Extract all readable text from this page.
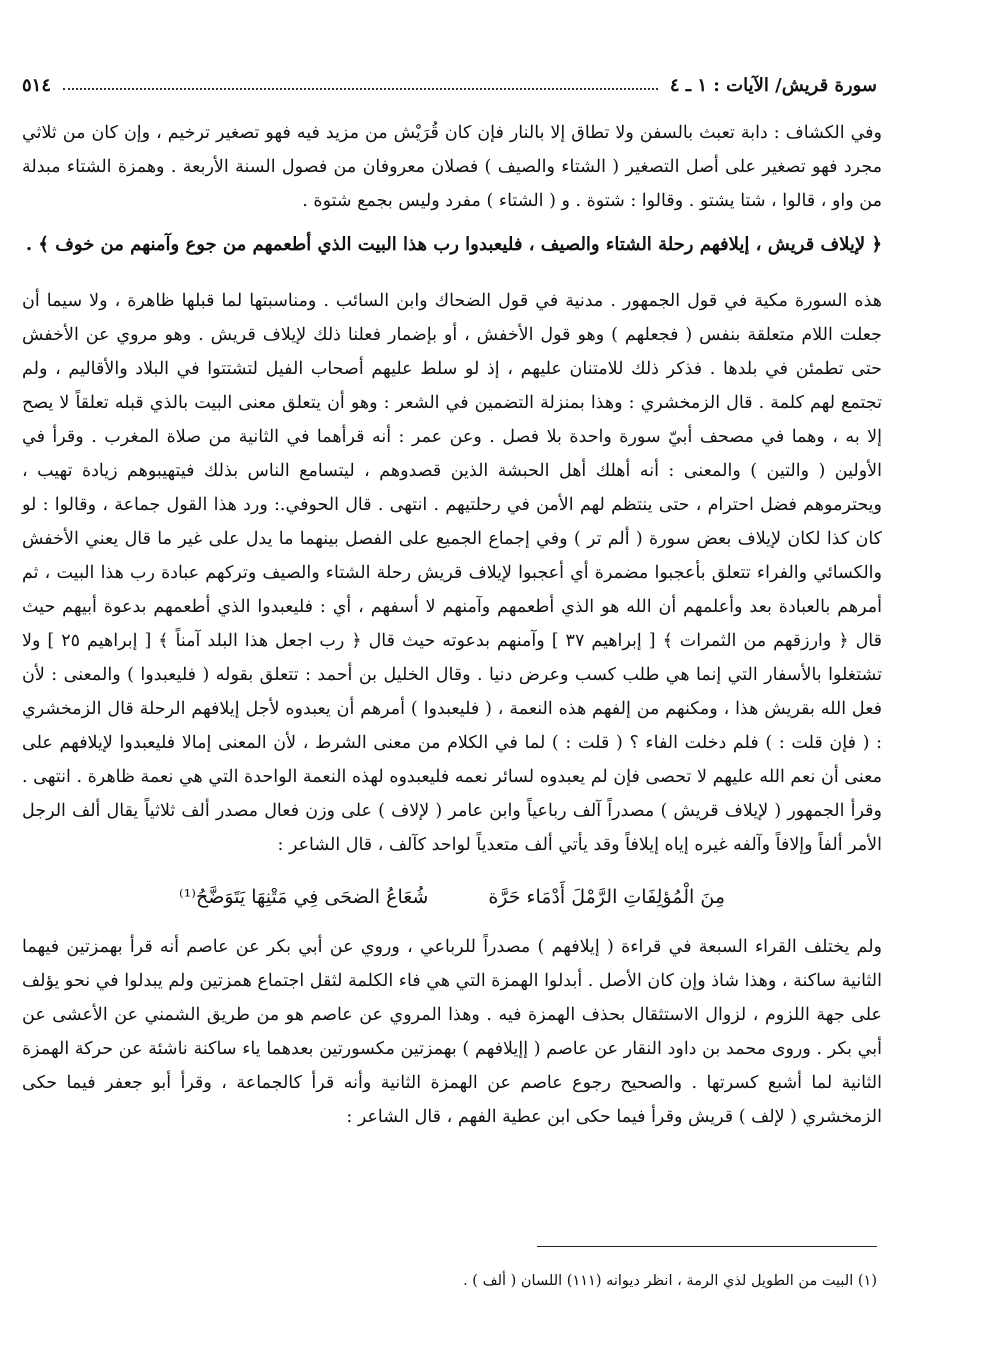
سورة قريش/ الآيات : ١ ـ ٤
٥١٤

وفي الكشاف : دابة تعبث بالسفن ولا تطاق إلا بالنار فإن كان قُرَيْش من مزيد فيه فهو تصغير ترخيم ، وإن كان من ثلاثي مجرد فهو تصغير على أصل التصغير ( الشتاء والصيف ) فصلان معروفان من فصول السنة الأربعة . وهمزة الشتاء مبدلة من واو ، قالوا ، شتا يشتو . وقالوا : شتوة . و ( الشتاء ) مفرد وليس بجمع شتوة .

﴿ لإيلاف قريش ، إيلافهم رحلة الشتاء والصيف ، فليعبدوا رب هذا البيت الذي أطعمهم من جوع وآمنهم من خوف ﴾ .

هذه السورة مكية في قول الجمهور . مدنية في قول الضحاك وابن السائب . ومناسبتها لما قبلها ظاهرة ، ولا سيما أن جعلت اللام متعلقة بنفس ( فجعلهم ) وهو قول الأخفش ، أو بإضمار فعلنا ذلك لإيلاف قريش . وهو مروي عن الأخفش حتى تطمئن في بلدها . فذكر ذلك للامتنان عليهم ، إذ لو سلط عليهم أصحاب الفيل لتشتتوا في البلاد والأقاليم ، ولم تجتمع لهم كلمة . قال الزمخشري : وهذا بمنزلة التضمين في الشعر : وهو أن يتعلق معنى البيت بالذي قبله تعلقاً لا يصح إلا به ، وهما في مصحف أبيّ سورة واحدة بلا فصل . وعن عمر : أنه قرأهما في الثانية من صلاة المغرب . وقرأ في الأولين ( والتين ) والمعنى : أنه أهلك أهل الحبشة الذين قصدوهم ، ليتسامع الناس بذلك فيتهيبوهم زيادة تهيب ، ويحترموهم فضل احترام ، حتى ينتظم لهم الأمن في رحلتيهم . انتهى . قال الحوفي.: ورد هذا القول جماعة ، وقالوا : لو كان كذا لكان لإيلاف بعض سورة ( ألم تر ) وفي إجماع الجميع على الفصل بينهما ما يدل على غير ما قال يعني الأخفش والكسائي والفراء تتعلق بأعجبوا مضمرة أي أعجبوا لإيلاف قريش رحلة الشتاء والصيف وتركهم عبادة رب هذا البيت ، ثم أمرهم بالعبادة بعد وأعلمهم أن الله هو الذي أطعمهم وآمنهم لا أسفهم ، أي : فليعبدوا الذي أطعمهم بدعوة أبيهم حيث قال ﴿ وارزقهم من الثمرات ﴾ [ إبراهيم ٣٧ ] وآمنهم بدعوته حيث قال ﴿ رب اجعل هذا البلد آمناً ﴾ [ إبراهيم ٢٥ ] ولا تشتغلوا بالأسفار التي إنما هي طلب كسب وعرض دنيا . وقال الخليل بن أحمد : تتعلق بقوله ( فليعبدوا ) والمعنى : لأن فعل الله بقريش هذا ، ومكنهم من إلفهم هذه النعمة ، ( فليعبدوا ) أمرهم أن يعبدوه لأجل إيلافهم الرحلة قال الزمخشري : ( فإن قلت : ) فلم دخلت الفاء ؟ ( قلت : ) لما في الكلام من معنى الشرط ، لأن المعنى إمالا فليعبدوا لإيلافهم على معنى أن نعم الله عليهم لا تحصى فإن لم يعبدوه لسائر نعمه فليعبدوه لهذه النعمة الواحدة التي هي نعمة ظاهرة . انتهى . وقرأ الجمهور ( لإيلاف قريش ) مصدراً آلف رباعياً وابن عامر ( لإلاف ) على وزن فعال مصدر ألف ثلاثياً يقال ألف الرجل الأمر ألفاً وإلافاً وآلفه غيره إياه إيلافاً وقد يأتي ألف متعدياً لواحد كآلف ، قال الشاعر :

مِنَ الْمُؤلِفَاتِ الرَّمْلَ أَدْمَاء حَرَّة
شُعَاعُ الضحَى فِي مَتْنِهَا يَتَوَضَّحُ⁽¹⁾

ولم يختلف القراء السبعة في قراءة ( إيلافهم ) مصدراً للرباعي ، وروي عن أبي بكر عن عاصم أنه قرأ بهمزتين فيهما الثانية ساكنة ، وهذا شاذ وإن كان الأصل . أبدلوا الهمزة التي هي فاء الكلمة لثقل اجتماع همزتين ولم يبدلوا في نحو يؤلف على جهة اللزوم ، لزوال الاستثقال بحذف الهمزة فيه . وهذا المروي عن عاصم هو من طريق الشمني عن الأعشى عن أبي بكر . وروى محمد بن داود النقار عن عاصم ( إإيلافهم ) بهمزتين مكسورتين بعدهما ياء ساكنة ناشئة عن حركة الهمزة الثانية لما أشبع كسرتها . والصحيح رجوع عاصم عن الهمزة الثانية وأنه قرأ كالجماعة ، وقرأ أبو جعفر فيما حكى الزمخشري ( لإلف ) قريش وقرأ فيما حكى ابن عطية الفهم ، قال الشاعر :

(١) البيت من الطويل لذي الرمة ، انظر ديوانه (١١١) اللسان ( ألف ) .
